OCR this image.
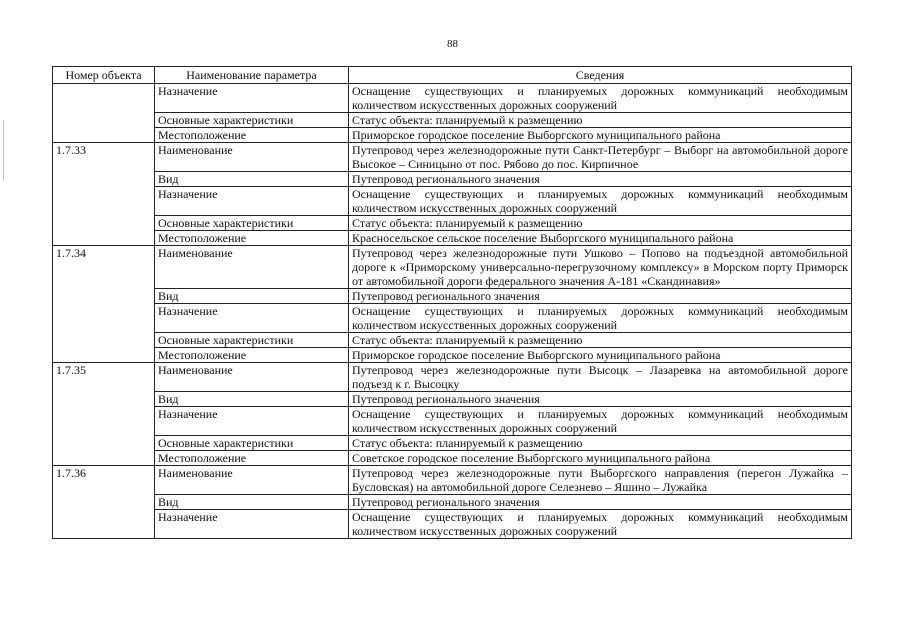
88
Номер объекта	Наименование параметра	Сведения
	Назначение	Оснащение существующих и планируемых дорожных коммуникаций необходимым количеством искусственных дорожных сооружений
	Основные характеристики	Статус объекта: планируемый к размещению
	Местоположение	Приморское городское поселение Выборгского муниципального района
1.7.33	Наименование	Путепровод через железнодорожные пути Санкт-Петербург – Выборг на автомобильной дороге Высокое – Синицыно от пос. Рябово до пос. Кирпичное
	Вид	Путепровод регионального значения
	Назначение	Оснащение существующих и планируемых дорожных коммуникаций необходимым количеством искусственных дорожных сооружений
	Основные характеристики	Статус объекта: планируемый к размещению
	Местоположение	Красносельское сельское поселение Выборгского муниципального района
1.7.34	Наименование	Путепровод через железнодорожные пути Ушково – Попово на подъездной автомобильной дороге к «Приморскому универсально-перегрузочному комплексу» в Морском порту Приморск от автомобильной дороги федерального значения А-181 «Скандинавия»
	Вид	Путепровод регионального значения
	Назначение	Оснащение существующих и планируемых дорожных коммуникаций необходимым количеством искусственных дорожных сооружений
	Основные характеристики	Статус объекта: планируемый к размещению
	Местоположение	Приморское городское поселение Выборгского муниципального района
1.7.35	Наименование	Путепровод через железнодорожные пути Высоцк – Лазаревка на автомобильной дороге подъезд к г. Высоцку
	Вид	Путепровод регионального значения
	Назначение	Оснащение существующих и планируемых дорожных коммуникаций необходимым количеством искусственных дорожных сооружений
	Основные характеристики	Статус объекта: планируемый к размещению
	Местоположение	Советское городское поселение Выборгского муниципального района
1.7.36	Наименование	Путепровод через железнодорожные пути Выборгского направления (перегон Лужайка – Бусловская) на автомобильной дороге Селезнево – Яшино – Лужайка
	Вид	Путепровод регионального значения
	Назначение	Оснащение существующих и планируемых дорожных коммуникаций необходимым количеством искусственных дорожных сооружений
